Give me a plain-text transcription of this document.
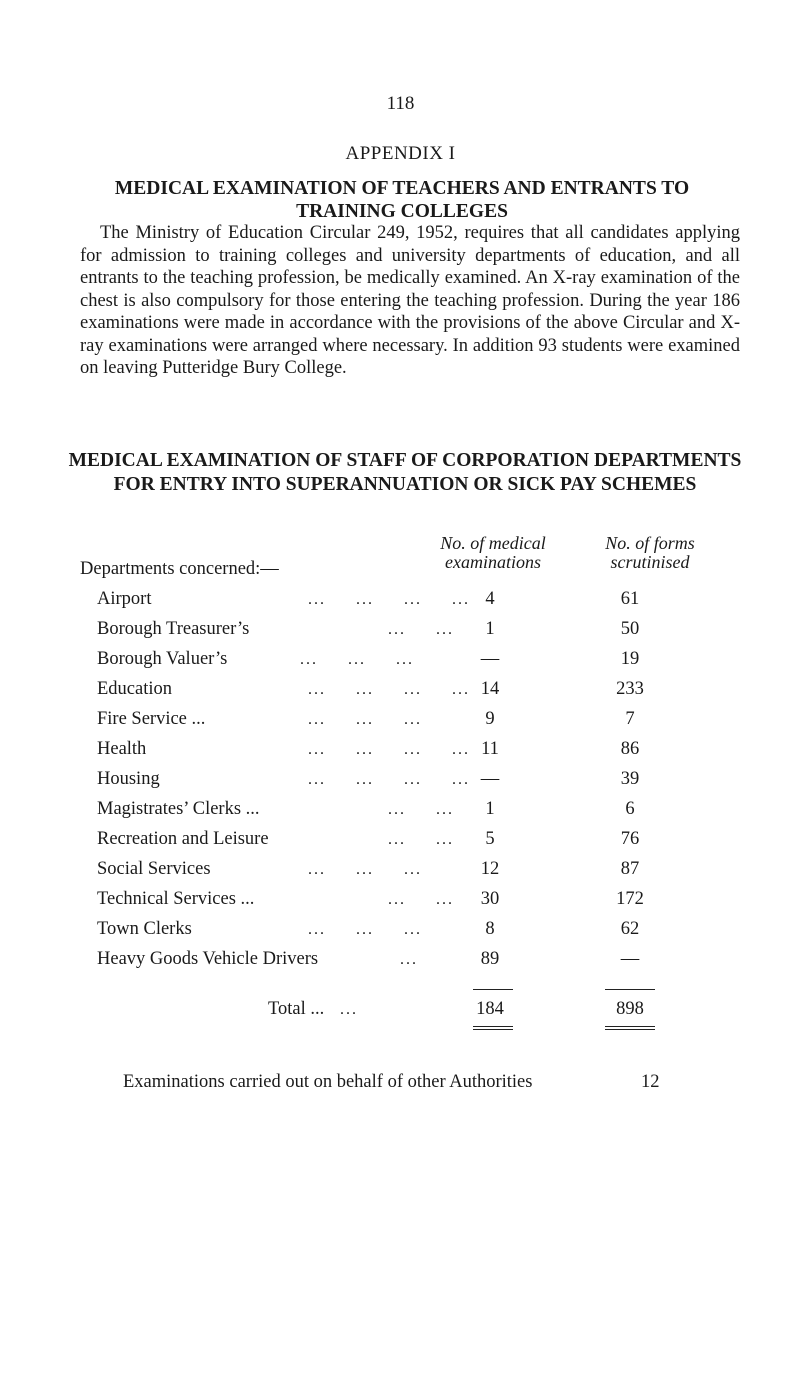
118
APPENDIX I
MEDICAL EXAMINATION OF TEACHERS AND ENTRANTS TO TRAINING COLLEGES
The Ministry of Education Circular 249, 1952, requires that all candidates applying for admission to training colleges and university departments of education, and all entrants to the teaching profession, be medically examined. An X-ray examination of the chest is also compulsory for those entering the teaching profession. During the year 186 examinations were made in accordance with the provisions of the above Circular and X-ray examinations were arranged where necessary. In addition 93 students were examined on leaving Putteridge Bury College.
MEDICAL EXAMINATION OF STAFF OF CORPORATION DEPARTMENTS FOR ENTRY INTO SUPERANNUATION OR SICK PAY SCHEMES
No. of medical
examinations
No. of forms
scrutinised
Departments concerned:—
Airport	...     ...     ...     ... 4	61
Borough Treasurer’s	...     ...	1	50
Borough Valuer’s	...     ...     ...	—	19
Education	...     ...     ...     ... 14	233
Fire Service ...	...     ...     ...	9	7
Health	...     ...     ...     ... 11	86
Housing	...     ...     ...     ... —	39
Magistrates’ Clerks ...	...     ...	1	6
Recreation and Leisure	...     ...	5	76
Social Services	...     ...     ...	12	87
Technical Services ...	...     ...	30	172
Town Clerks	...     ...     ...	8	62
Heavy Goods Vehicle Drivers	...	89	—
Total ... ...	184	898
Examinations carried out on behalf of other Authorities	12
